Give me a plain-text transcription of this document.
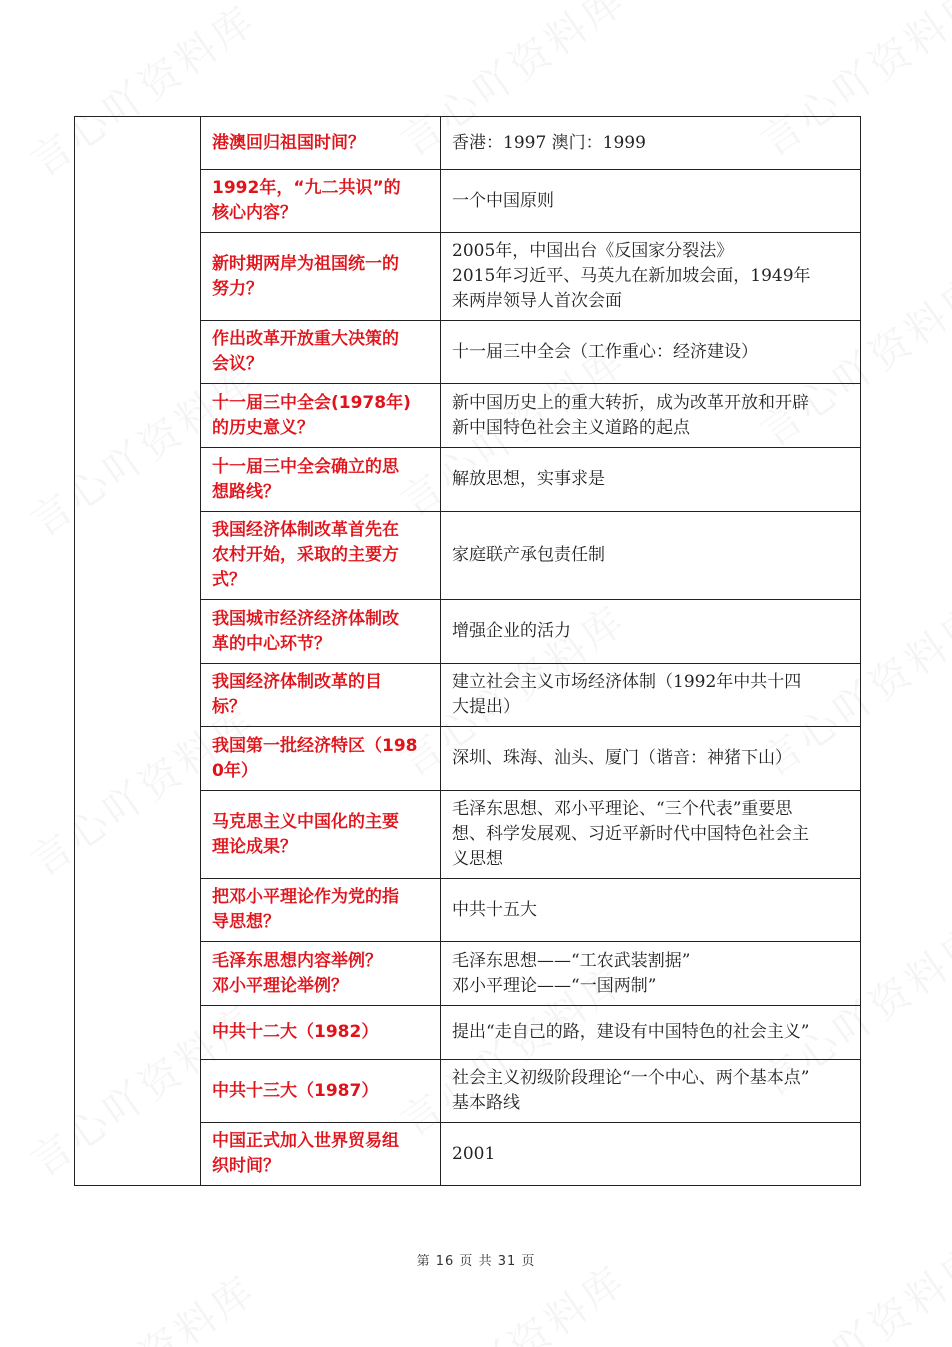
	港澳回归祖国时间？	香港：1997 澳门：1999

	1992年，“九二共识”的
核心内容？	一个中国原则

	新时期两岸为祖国统一的
努力？	2005年，中国出台《反国家分裂法》
2015年习近平、马英九在新加坡会面，1949年
来两岸领导人首次会面

	作出改革开放重大决策的
会议？	十一届三中全会（工作重心：经济建设）

	十一届三中全会(1978年)
的历史意义？	新中国历史上的重大转折，成为改革开放和开辟
新中国特色社会主义道路的起点

	十一届三中全会确立的思
想路线？	解放思想，实事求是

	我国经济体制改革首先在
农村开始，采取的主要方
式？	家庭联产承包责任制

	我国城市经济经济体制改
革的中心环节？	增强企业的活力

	我国经济体制改革的目
标？	建立社会主义市场经济体制（1992年中共十四
大提出）

	我国第一批经济特区（198
0年）	深圳、珠海、汕头、厦门（谐音：神猪下山）

	马克思主义中国化的主要
理论成果？	毛泽东思想、邓小平理论、“三个代表”重要思
想、科学发展观、习近平新时代中国特色社会主
义思想

	把邓小平理论作为党的指
导思想？	中共十五大

	毛泽东思想内容举例？
邓小平理论举例？	毛泽东思想——“工农武装割据”
邓小平理论——“一国两制”

	中共十二大（1982）	提出“走自己的路，建设有中国特色的社会主义”

	中共十三大（1987）	社会主义初级阶段理论“一个中心、两个基本点”
基本路线

	中国正式加入世界贸易组
织时间？	2001
第 16 页 共 31 页
